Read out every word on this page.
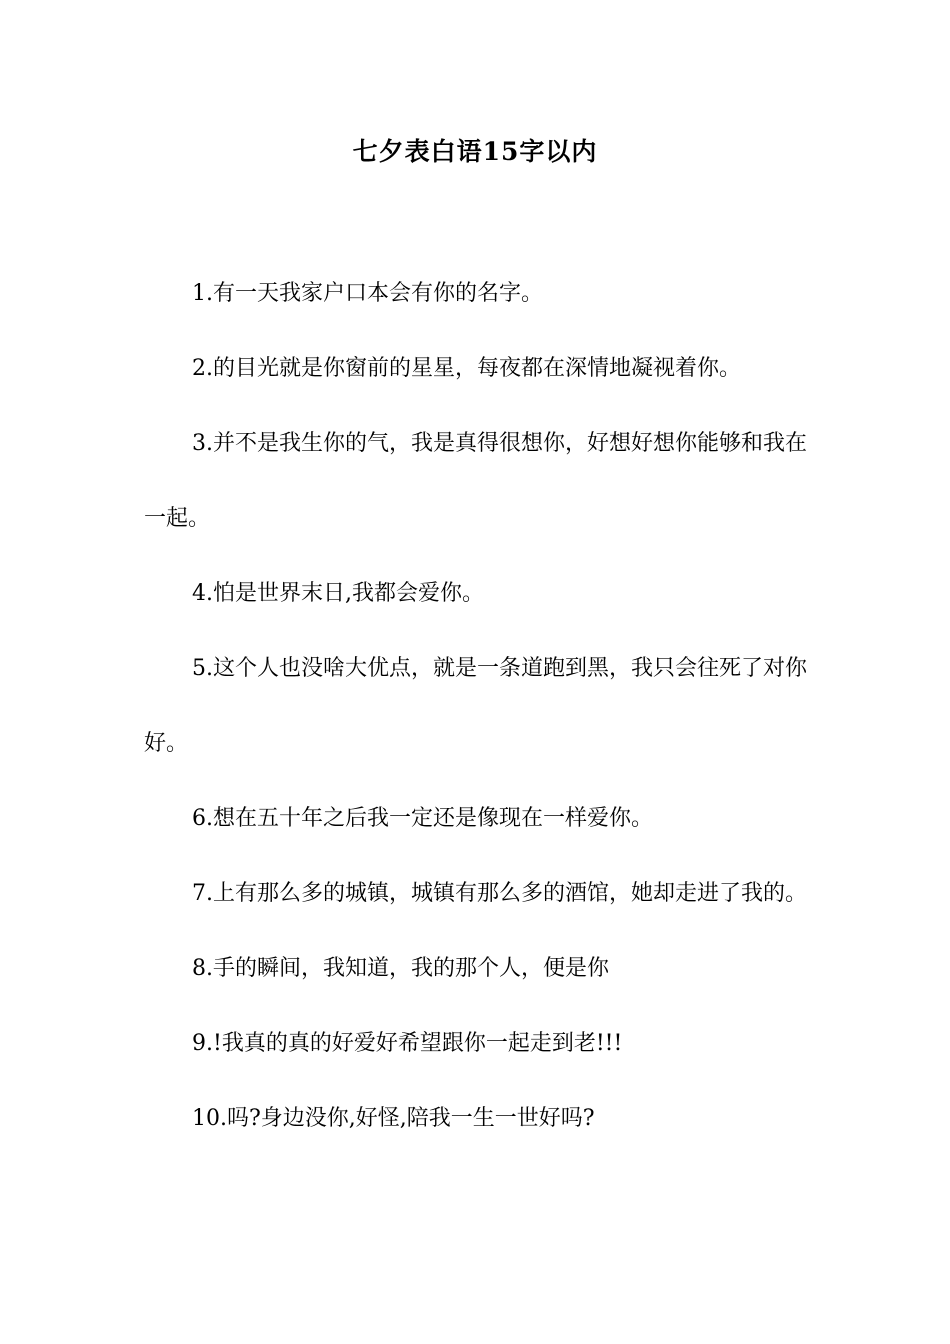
七夕表白语15字以内

1.有一天我家户口本会有你的名字。

2.的目光就是你窗前的星星，每夜都在深情地凝视着你。

3.并不是我生你的气，我是真得很想你，好想好想你能够和我在一起。

4.怕是世界末日,我都会爱你。

5.这个人也没啥大优点，就是一条道跑到黑，我只会往死了对你好。

6.想在五十年之后我一定还是像现在一样爱你。

7.上有那么多的城镇，城镇有那么多的酒馆，她却走进了我的。

8.手的瞬间，我知道，我的那个人，便是你

9.!我真的真的好爱好希望跟你一起走到老!!!

10.吗?身边没你,好怪,陪我一生一世好吗?
